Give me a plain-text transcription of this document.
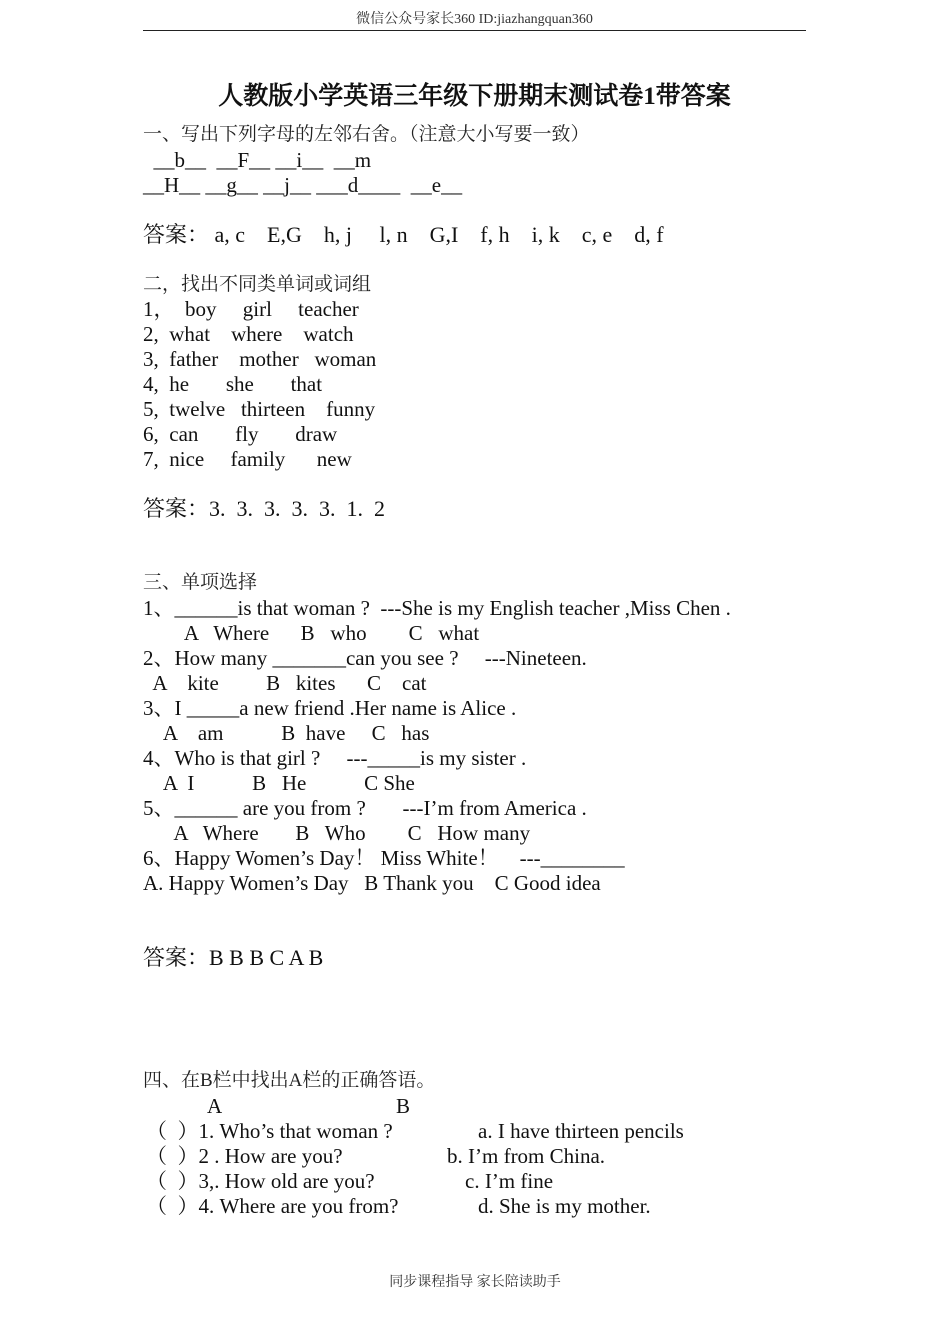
微信公众号家长360 ID:jiazhangquan360
人教版小学英语三年级下册期末测试卷1带答案
一、写出下列字母的左邻右舍。（注意大小写要一致）
__b__  __F__ __i__  __m
__H__ __g__ __j__ ___d____  __e__
答案： a, c    E,G    h, j     l, n    G,I    f, h    i, k    c, e    d, f
二，找出不同类单词或词组
1，  boy     girl     teacher
2,  what    where    watch
3,  father    mother   woman
4,  he       she       that
5,  twelve   thirteen    funny
6,  can       fly       draw
7,  nice     family      new
答案：3.  3.  3.  3.  3.  1.  2
三、单项选择
1、______is that woman ?  ---She is my English teacher ,Miss Chen .
A   Where      B   who        C   what
2、How many _______can you see ?     ---Nineteen.
A    kite         B   kites      C    cat
3、I _____a new friend .Her name is Alice .
A    am           B  have     C   has
4、Who is that girl ?     ---_____is my sister .
A  I           B   He           C She
5、______ are you from ?       ---I’m from America .
A   Where       B   Who        C   How many
6、Happy Women’s Day！ Miss White！    ---________
A. Happy Women’s Day   B Thank you    C Good idea
答案：B B B C A B
四、在B栏中找出A栏的正确答语。
A	B
（  ）1. Who’s that woman ?	a. I have thirteen pencils
（  ）2 . How are you?	b. I’m from China.
（  ）3,. How old are you?	c. I’m fine
（  ）4. Where are you from?	d. She is my mother.
同步课程指导 家长陪读助手
